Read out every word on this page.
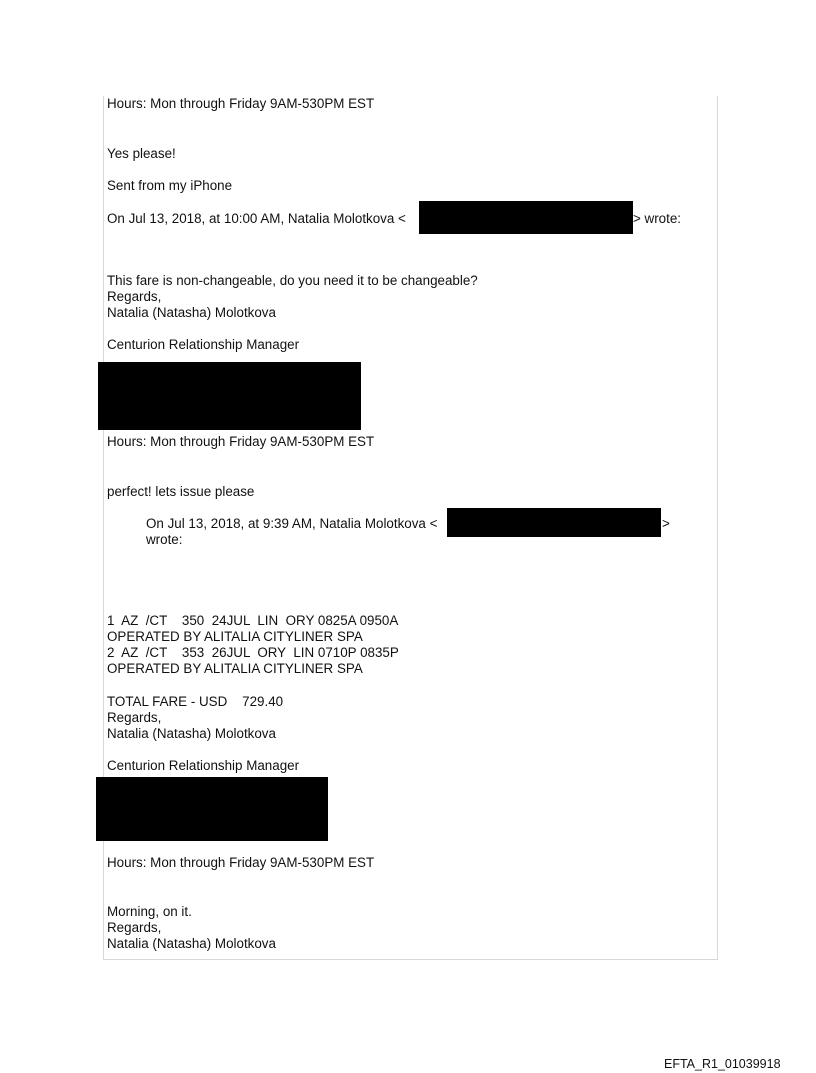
Hours: Mon through Friday 9AM-530PM EST
Yes please!
Sent from my iPhone
On Jul 13, 2018, at 10:00 AM, Natalia Molotkova <	> wrote:
This fare is non-changeable, do you need it to be changeable?
Regards,
Natalia (Natasha) Molotkova
Centurion Relationship Manager
Hours: Mon through Friday 9AM-530PM EST
perfect! lets issue please
On Jul 13, 2018, at 9:39 AM, Natalia Molotkova <	>
wrote:
1  AZ  /CT    350  24JUL  LIN  ORY 0825A 0950A
OPERATED BY ALITALIA CITYLINER SPA
2  AZ  /CT    353  26JUL  ORY  LIN 0710P 0835P
OPERATED BY ALITALIA CITYLINER SPA
TOTAL FARE - USD    729.40
Regards,
Natalia (Natasha) Molotkova
Centurion Relationship Manager
Hours: Mon through Friday 9AM-530PM EST
Morning, on it.
Regards,
Natalia (Natasha) Molotkova
EFTA_R1_01039918
